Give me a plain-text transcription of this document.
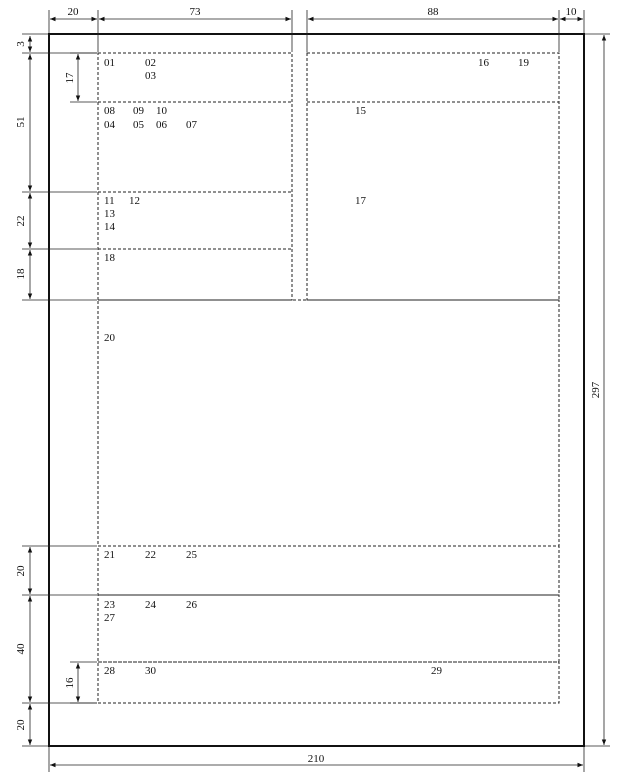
20	73	88	10
3
51
22
18
17
20
40
20
16
297
210
01	02
03
08 09 10
04 05 06 07
11 12
13
14
18
16	19
15
17
20
21	22	25
23	24	26
27
28	30	29
